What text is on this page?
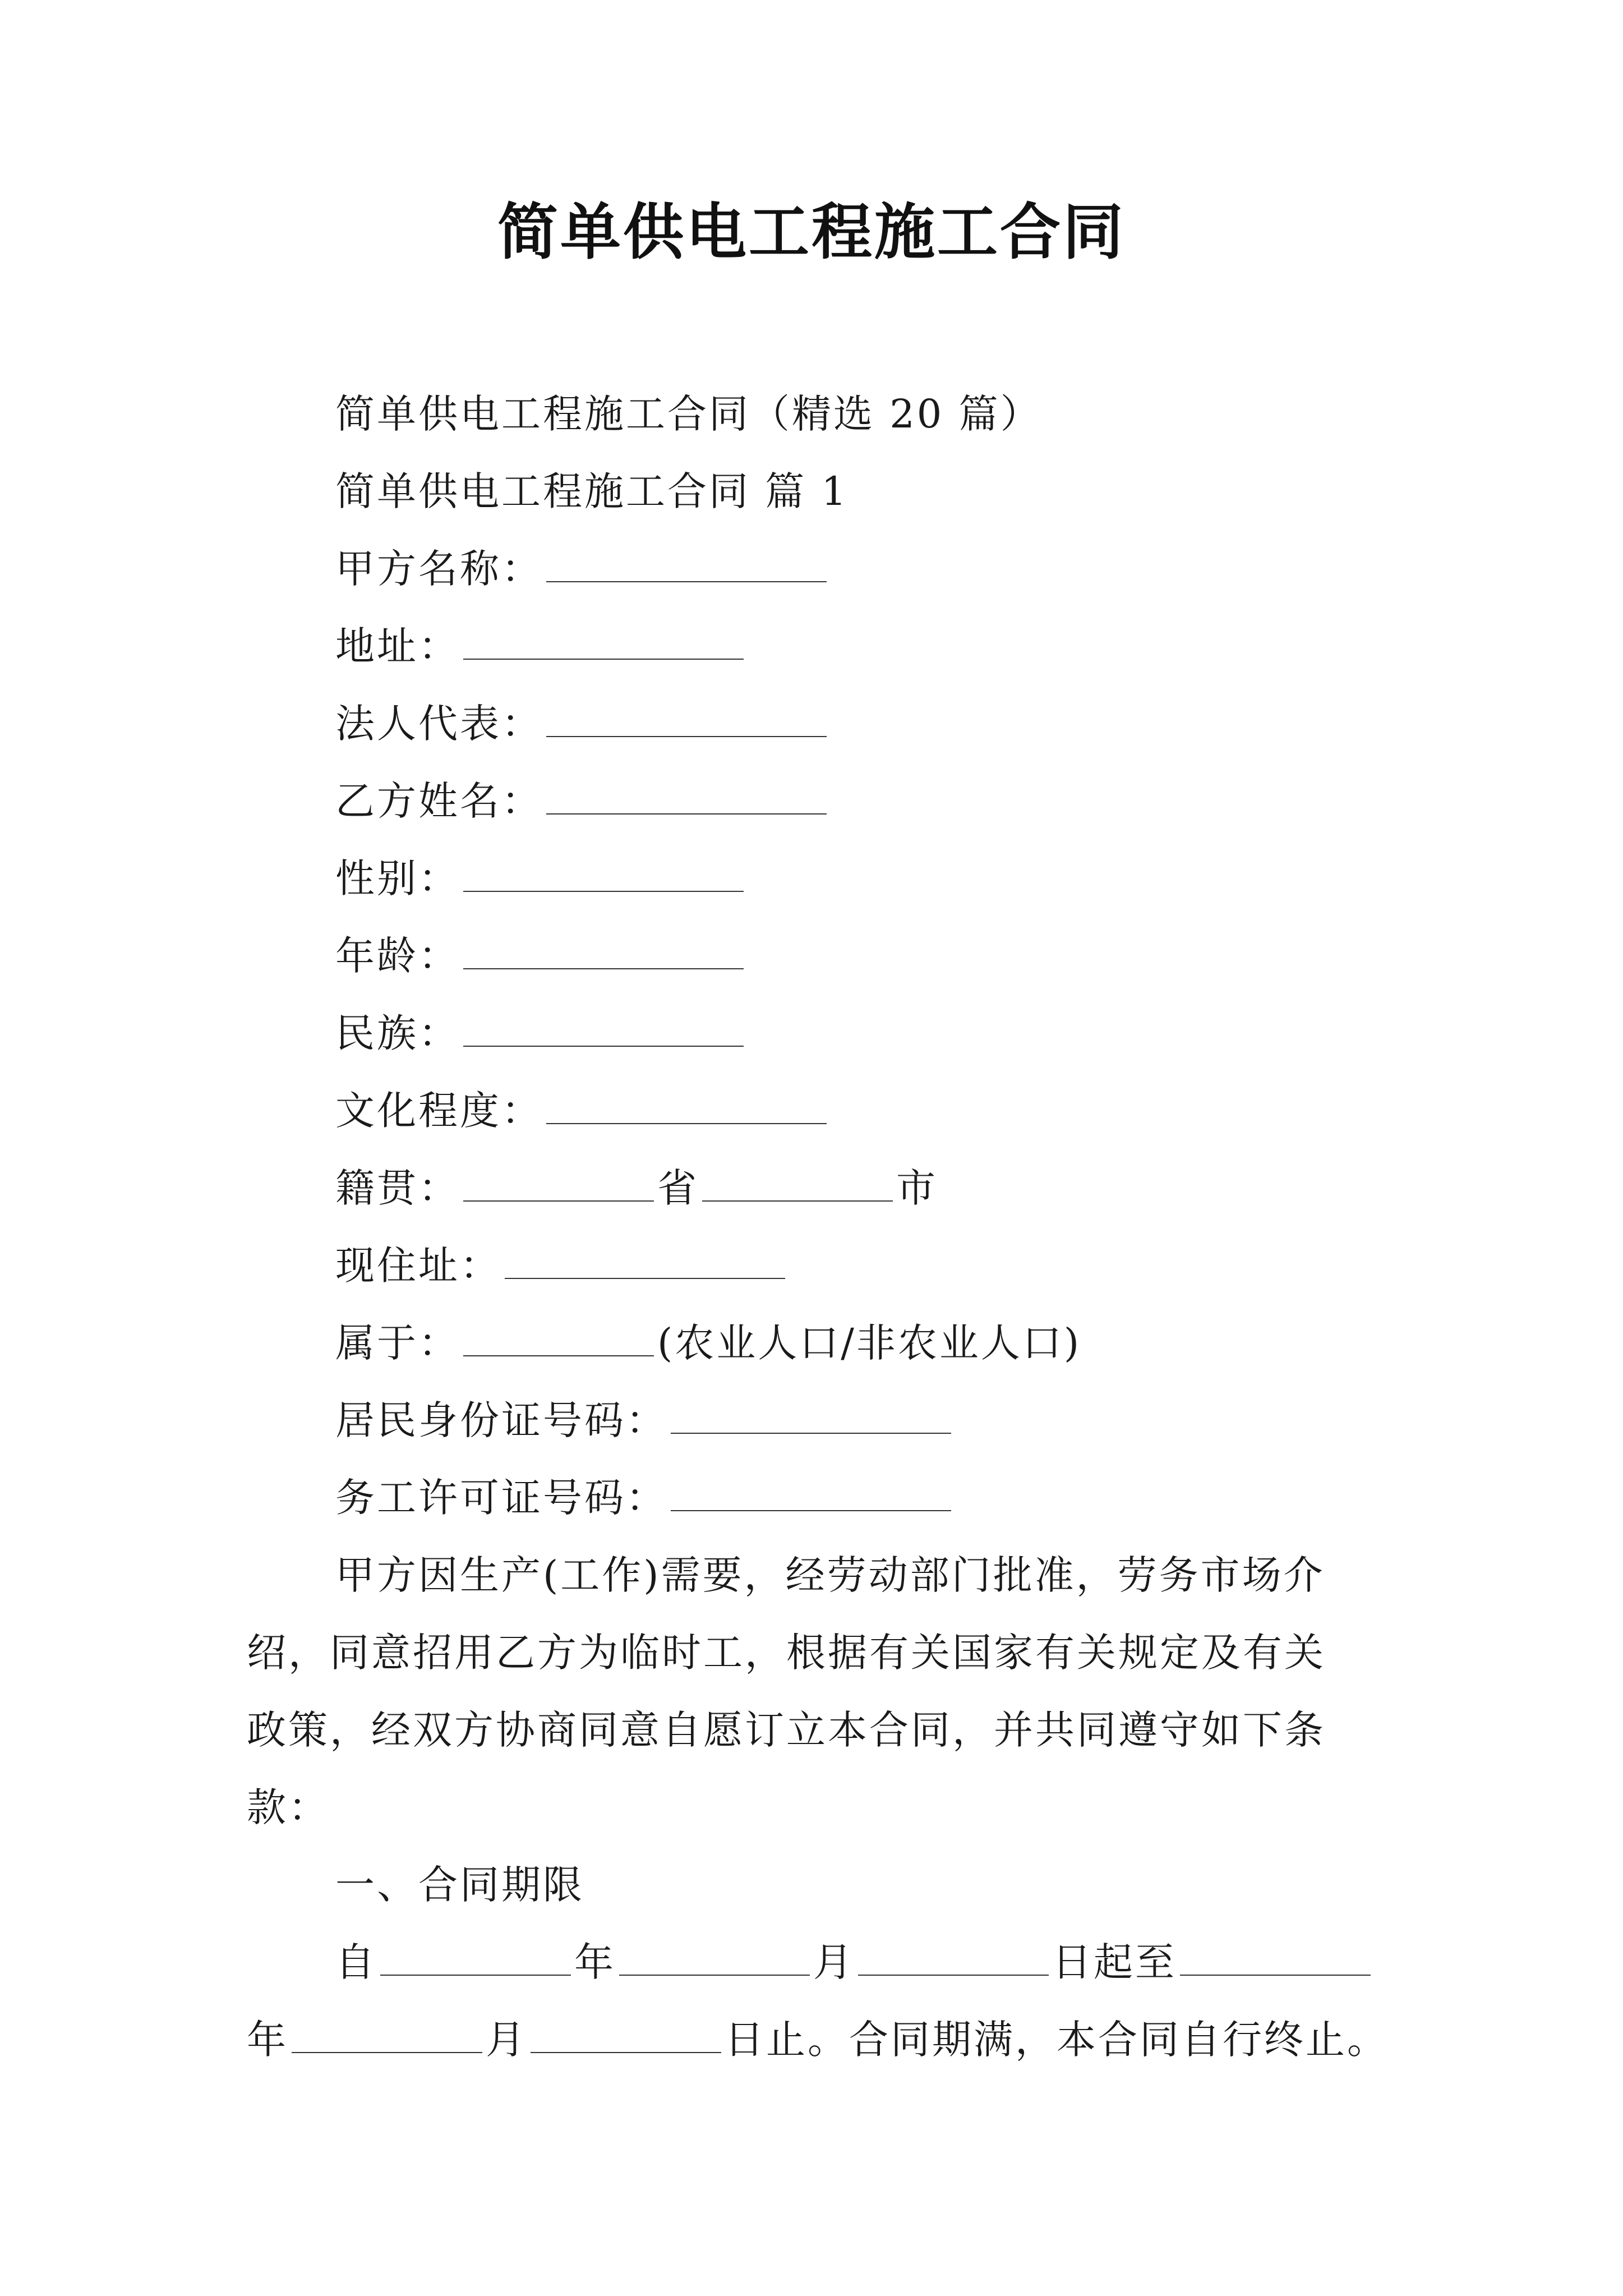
简单供电工程施工合同
简单供电工程施工合同（精选 20 篇）
简单供电工程施工合同 篇 1
甲方名称：
地址：
法人代表：
乙方姓名：
性别：
年龄：
民族：
文化程度：
籍贯：	省	市
现住址：
属于：	(农业人口/非农业人口)
居民身份证号码：
务工许可证号码：
甲方因生产(工作)需要，经劳动部门批准，劳务市场介
绍，同意招用乙方为临时工，根据有关国家有关规定及有关
政策，经双方协商同意自愿订立本合同，并共同遵守如下条
款：
一、合同期限
自	年	月	日起至
年	月	日止。合同期满，本合同自行终止。
